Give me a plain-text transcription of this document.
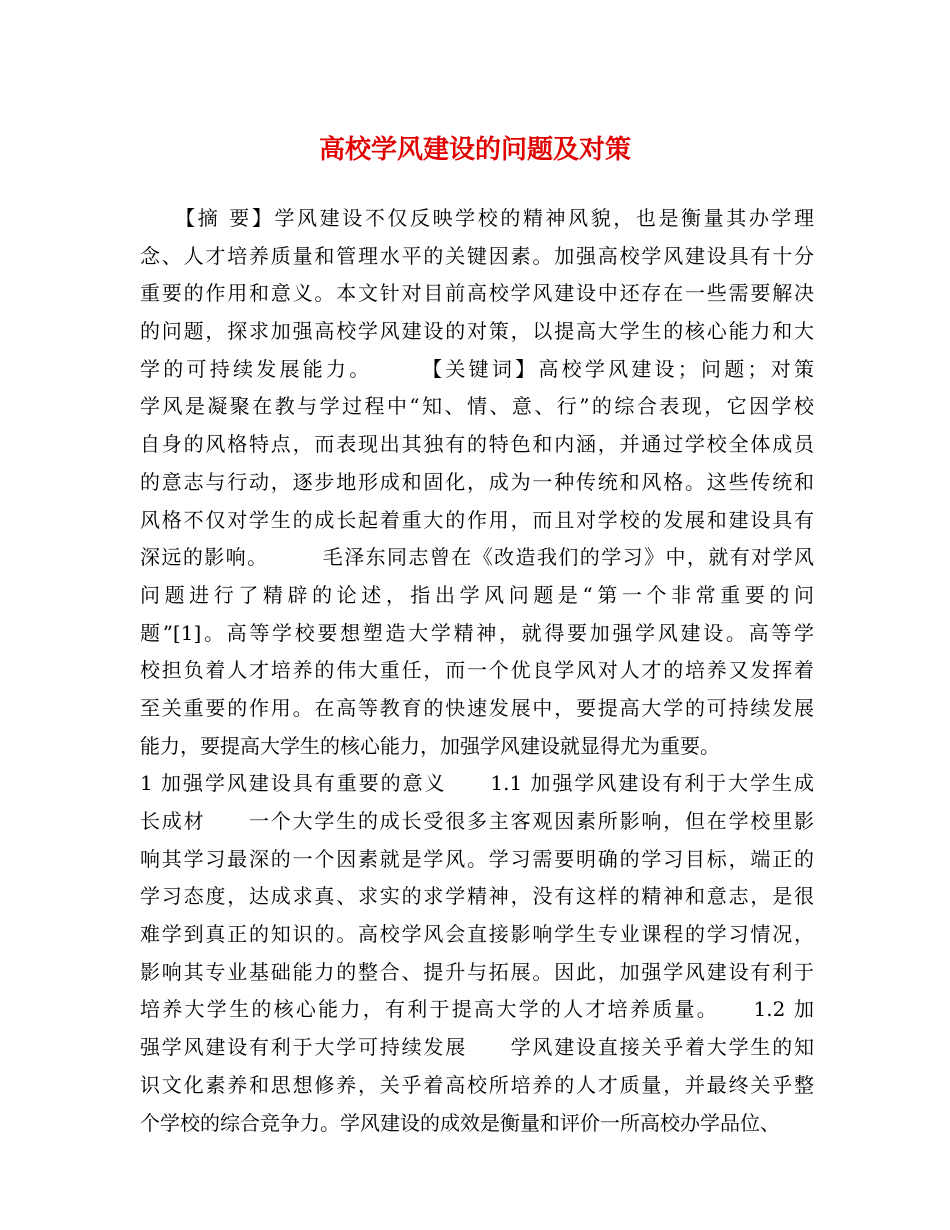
高校学风建设的问题及对策
　　【摘 要】学风建设不仅反映学校的精神风貌，也是衡量其办学理
念、人才培养质量和管理水平的关键因素。加强高校学风建设具有十分
重要的作用和意义。本文针对目前高校学风建设中还存在一些需要解决
的问题，探求加强高校学风建设的对策，以提高大学生的核心能力和大
学的可持续发展能力。　　　【关键词】高校学风建设；问题；对策
学风是凝聚在教与学过程中“知、情、意、行”的综合表现，它因学校
自身的风格特点，而表现出其独有的特色和内涵，并通过学校全体成员
的意志与行动，逐步地形成和固化，成为一种传统和风格。这些传统和
风格不仅对学生的成长起着重大的作用，而且对学校的发展和建设具有
深远的影响。　　　毛泽东同志曾在《改造我们的学习》中，就有对学风
问题进行了精辟的论述，指出学风问题是“第一个非常重要的问
题”[1]。高等学校要想塑造大学精神，就得要加强学风建设。高等学
校担负着人才培养的伟大重任，而一个优良学风对人才的培养又发挥着
至关重要的作用。在高等教育的快速发展中，要提高大学的可持续发展
能力，要提高大学生的核心能力，加强学风建设就显得尤为重要。
1 加强学风建设具有重要的意义　　1.1 加强学风建设有利于大学生成
长成材　　一个大学生的成长受很多主客观因素所影响，但在学校里影
响其学习最深的一个因素就是学风。学习需要明确的学习目标，端正的
学习态度，达成求真、求实的求学精神，没有这样的精神和意志，是很
难学到真正的知识的。高校学风会直接影响学生专业课程的学习情况，
影响其专业基础能力的整合、提升与拓展。因此，加强学风建设有利于
培养大学生的核心能力，有利于提高大学的人才培养质量。　　1.2 加
强学风建设有利于大学可持续发展　　学风建设直接关乎着大学生的知
识文化素养和思想修养，关乎着高校所培养的人才质量，并最终关乎整
个学校的综合竞争力。学风建设的成效是衡量和评价一所高校办学品位、
